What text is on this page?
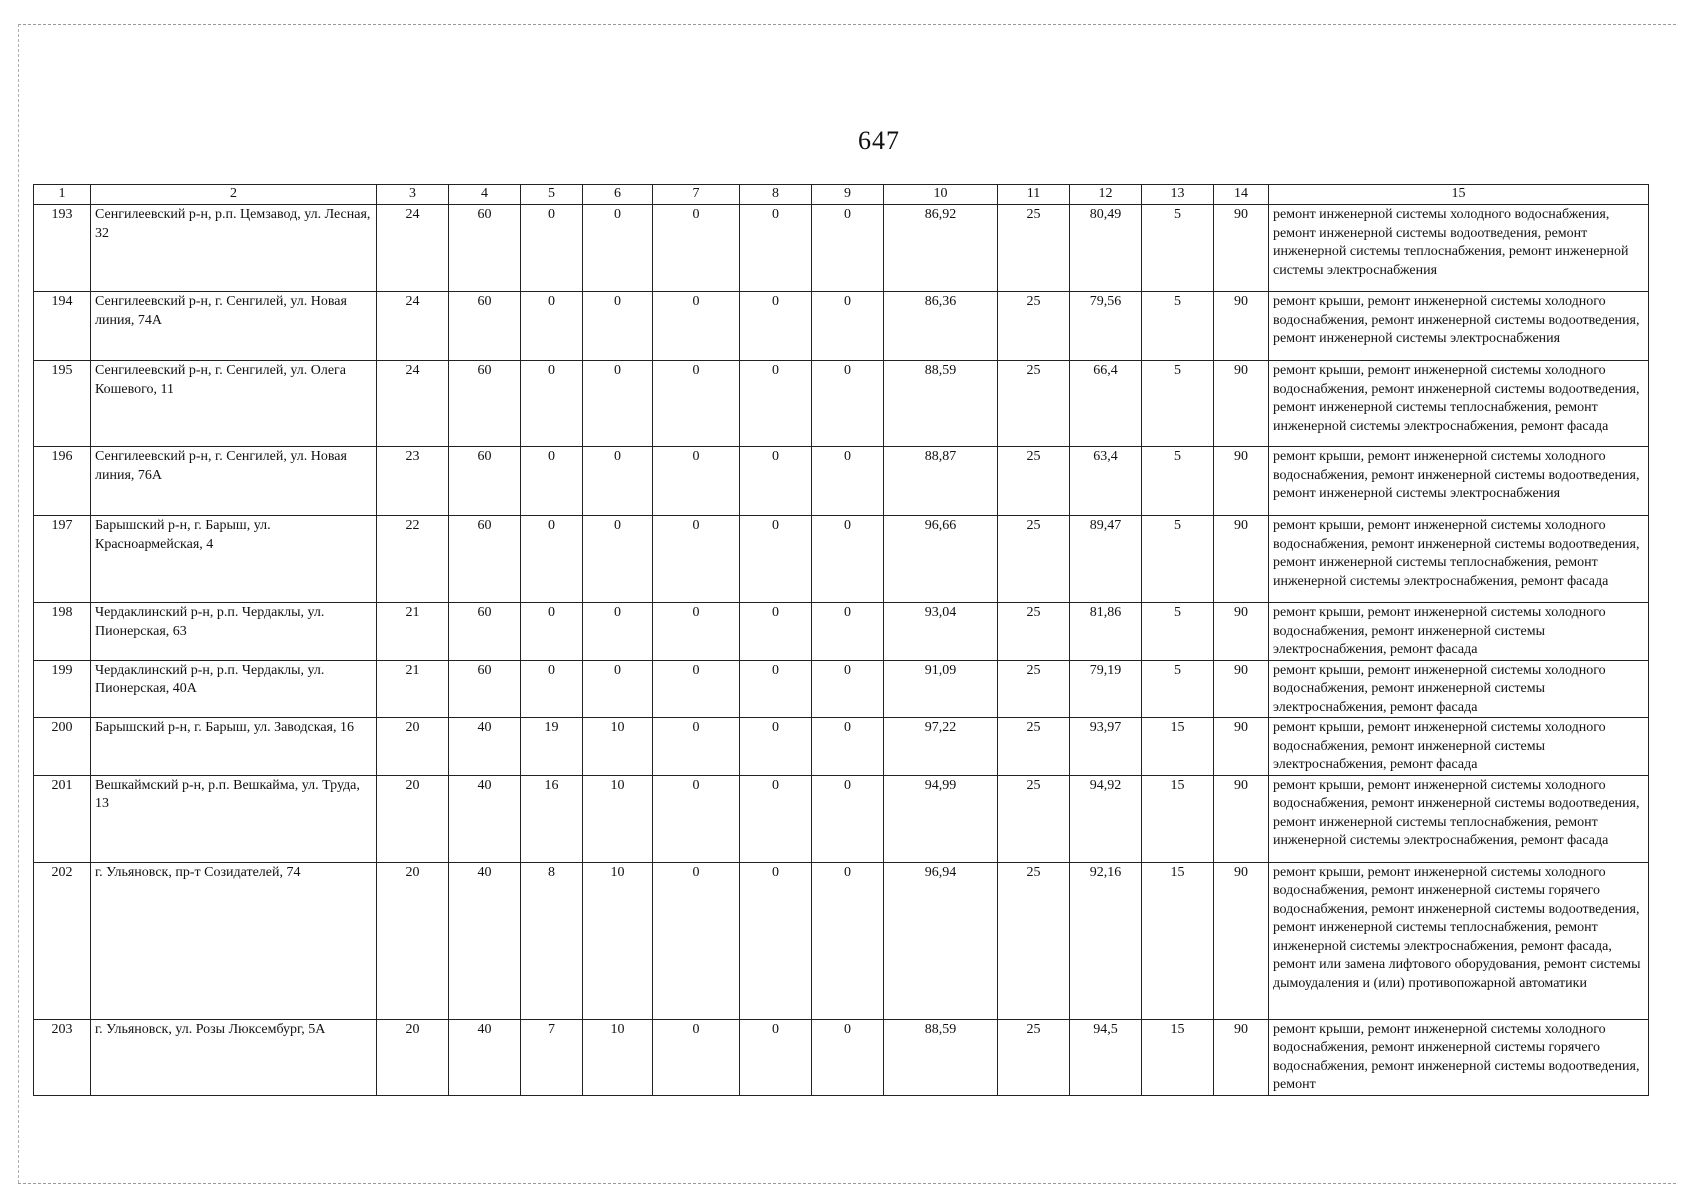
647
1	2	3	4	5	6	7	8	9	10	11	12	13	14	15
193	Сенгилеевский р-н, р.п. Цемзавод, ул. Лесная, 32	24	60	0	0	0	0	0	86,92	25	80,49	5	90	ремонт инженерной системы холодного водоснабжения, ремонт инженерной системы водоотведения, ремонт инженерной системы теплоснабжения, ремонт инженерной системы электроснабжения
194	Сенгилеевский р-н, г. Сенгилей, ул. Новая линия, 74А	24	60	0	0	0	0	0	86,36	25	79,56	5	90	ремонт крыши, ремонт инженерной системы холодного водоснабжения, ремонт инженерной системы водоотведения, ремонт инженерной системы электроснабжения
195	Сенгилеевский р-н, г. Сенгилей, ул. Олега Кошевого, 11	24	60	0	0	0	0	0	88,59	25	66,4	5	90	ремонт крыши, ремонт инженерной системы холодного водоснабжения, ремонт инженерной системы водоотведения, ремонт инженерной системы теплоснабжения, ремонт инженерной системы электроснабжения, ремонт фасада
196	Сенгилеевский р-н, г. Сенгилей, ул. Новая линия, 76А	23	60	0	0	0	0	0	88,87	25	63,4	5	90	ремонт крыши, ремонт инженерной системы холодного водоснабжения, ремонт инженерной системы водоотведения, ремонт инженерной системы электроснабжения
197	Барышский р-н, г. Барыш, ул. Красноармейская, 4	22	60	0	0	0	0	0	96,66	25	89,47	5	90	ремонт крыши, ремонт инженерной системы холодного водоснабжения, ремонт инженерной системы водоотведения, ремонт инженерной системы теплоснабжения, ремонт инженерной системы электроснабжения, ремонт фасада
198	Чердаклинский р-н, р.п. Чердаклы, ул. Пионерская, 63	21	60	0	0	0	0	0	93,04	25	81,86	5	90	ремонт крыши, ремонт инженерной системы холодного водоснабжения, ремонт инженерной системы электроснабжения, ремонт фасада
199	Чердаклинский р-н, р.п. Чердаклы, ул. Пионерская, 40А	21	60	0	0	0	0	0	91,09	25	79,19	5	90	ремонт крыши, ремонт инженерной системы холодного водоснабжения, ремонт инженерной системы электроснабжения, ремонт фасада
200	Барышский р-н, г. Барыш, ул. Заводская, 16	20	40	19	10	0	0	0	97,22	25	93,97	15	90	ремонт крыши, ремонт инженерной системы холодного водоснабжения, ремонт инженерной системы электроснабжения, ремонт фасада
201	Вешкаймский р-н, р.п. Вешкайма, ул. Труда, 13	20	40	16	10	0	0	0	94,99	25	94,92	15	90	ремонт крыши, ремонт инженерной системы холодного водоснабжения, ремонт инженерной системы водоотведения, ремонт инженерной системы теплоснабжения, ремонт инженерной системы электроснабжения, ремонт фасада
202	г. Ульяновск, пр-т Созидателей, 74	20	40	8	10	0	0	0	96,94	25	92,16	15	90	ремонт крыши, ремонт инженерной системы холодного водоснабжения, ремонт инженерной системы горячего водоснабжения, ремонт инженерной системы водоотведения, ремонт инженерной системы теплоснабжения, ремонт инженерной системы электроснабжения, ремонт фасада, ремонт или замена лифтового оборудования, ремонт системы дымоудаления и (или) противопожарной автоматики
203	г. Ульяновск, ул. Розы Люксембург, 5А	20	40	7	10	0	0	0	88,59	25	94,5	15	90	ремонт крыши, ремонт инженерной системы холодного водоснабжения, ремонт инженерной системы горячего водоснабжения, ремонт инженерной системы водоотведения, ремонт
